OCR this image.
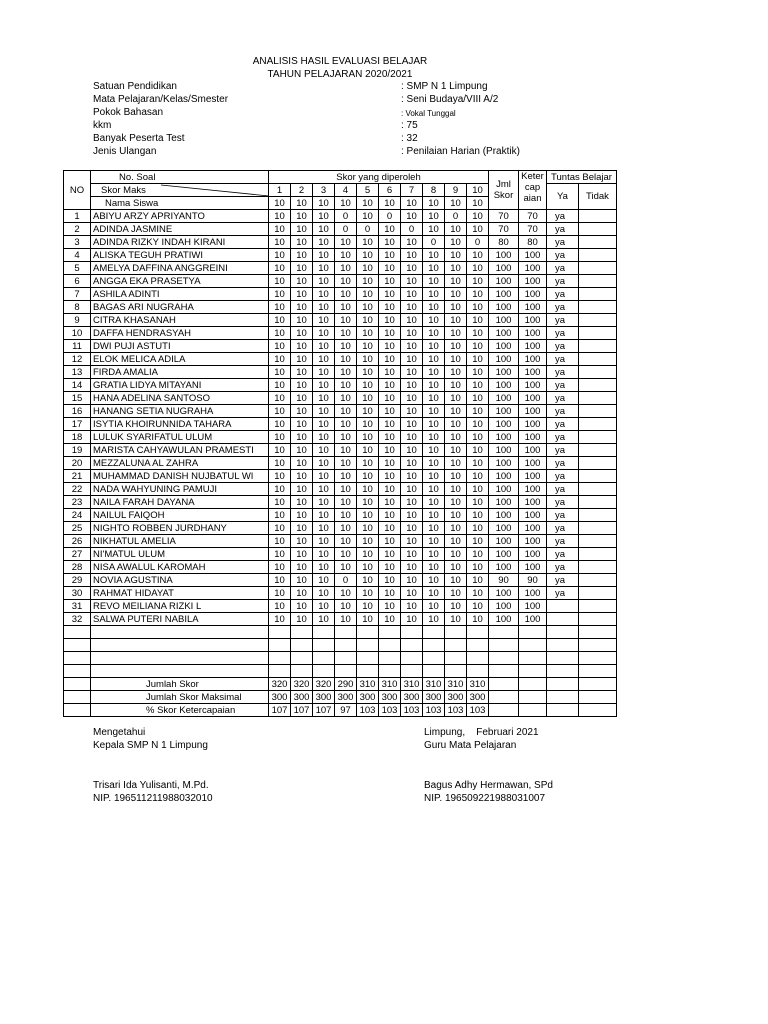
ANALISIS HASIL EVALUASI BELAJAR
TAHUN PELAJARAN 2020/2021
Satuan Pendidikan	: SMP N 1 Limpung
Mata Pelajaran/Kelas/Smester	: Seni Budaya/VIII A/2
Pokok Bahasan	: Vokal Tunggal
kkm	: 75
Banyak Peserta Test	: 32
Jenis Ulangan	: Penilaian Harian (Praktik)
NO	No. Soal	Skor yang diperoleh										Jml Skor	Keter cap aian	Tuntas Belajar	
	Skor Maks	1	2	3	4	5	6	7	8	9	10			Ya	Tidak
	Nama Siswa	10	10	10	10	10	10	10	10	10	10				
1	ABIYU ARZY APRIYANTO	10	10	10	0	10	0	10	10	0	10	70	70	ya	
2	ADINDA JASMINE	10	10	10	0	0	10	0	10	10	10	70	70	ya	
3	ADINDA RIZKY INDAH KIRANI	10	10	10	10	10	10	10	0	10	0	80	80	ya	
4	ALISKA TEGUH PRATIWI	10	10	10	10	10	10	10	10	10	10	100	100	ya	
5	AMELYA DAFFINA ANGGREINI	10	10	10	10	10	10	10	10	10	10	100	100	ya	
6	ANGGA EKA PRASETYA	10	10	10	10	10	10	10	10	10	10	100	100	ya	
7	ASHILA ADINTI	10	10	10	10	10	10	10	10	10	10	100	100	ya	
8	BAGAS ARI NUGRAHA	10	10	10	10	10	10	10	10	10	10	100	100	ya	
9	CITRA KHASANAH	10	10	10	10	10	10	10	10	10	10	100	100	ya	
10	DAFFA HENDRASYAH	10	10	10	10	10	10	10	10	10	10	100	100	ya	
11	DWI PUJI ASTUTI	10	10	10	10	10	10	10	10	10	10	100	100	ya	
12	ELOK MELICA ADILA	10	10	10	10	10	10	10	10	10	10	100	100	ya	
13	FIRDA AMALIA	10	10	10	10	10	10	10	10	10	10	100	100	ya	
14	GRATIA LIDYA MITAYANI	10	10	10	10	10	10	10	10	10	10	100	100	ya	
15	HANA ADELINA SANTOSO	10	10	10	10	10	10	10	10	10	10	100	100	ya	
16	HANANG SETIA NUGRAHA	10	10	10	10	10	10	10	10	10	10	100	100	ya	
17	ISYTIA KHOIRUNNIDA TAHARA	10	10	10	10	10	10	10	10	10	10	100	100	ya	
18	LULUK SYARIFATUL ULUM	10	10	10	10	10	10	10	10	10	10	100	100	ya	
19	MARISTA CAHYAWULAN PRAMESTI	10	10	10	10	10	10	10	10	10	10	100	100	ya	
20	MEZZALUNA AL ZAHRA	10	10	10	10	10	10	10	10	10	10	100	100	ya	
21	MUHAMMAD DANISH NUJBATUL WI	10	10	10	10	10	10	10	10	10	10	100	100	ya	
22	NADA WAHYUNING PAMUJI	10	10	10	10	10	10	10	10	10	10	100	100	ya	
23	NAILA FARAH DAYANA	10	10	10	10	10	10	10	10	10	10	100	100	ya	
24	NAILUL FAIQOH	10	10	10	10	10	10	10	10	10	10	100	100	ya	
25	NIGHTO ROBBEN JURDHANY	10	10	10	10	10	10	10	10	10	10	100	100	ya	
26	NIKHATUL AMELIA	10	10	10	10	10	10	10	10	10	10	100	100	ya	
27	NI'MATUL ULUM	10	10	10	10	10	10	10	10	10	10	100	100	ya	
28	NISA AWALUL KAROMAH	10	10	10	10	10	10	10	10	10	10	100	100	ya	
29	NOVIA AGUSTINA	10	10	10	0	10	10	10	10	10	10	90	90	ya	
30	RAHMAT HIDAYAT	10	10	10	10	10	10	10	10	10	10	100	100	ya	
31	REVO MEILIANA RIZKI L	10	10	10	10	10	10	10	10	10	10	100	100		
32	SALWA PUTERI NABILA	10	10	10	10	10	10	10	10	10	10	100	100		

	Jumlah Skor	320	320	320	290	310	310	310	310	310	310				
	Jumlah Skor Maksimal	300	300	300	300	300	300	300	300	300	300				
	% Skor Ketercapaian	107	107	107	97	103	103	103	103	103	103				
Mengetahui
Kepala SMP N 1 Limpung
Trisari Ida Yulisanti, M.Pd.
NIP. 196511211988032010
Limpung,    Februari 2021
Guru Mata Pelajaran
Bagus Adhy Hermawan, SPd
NIP. 196509221988031007
